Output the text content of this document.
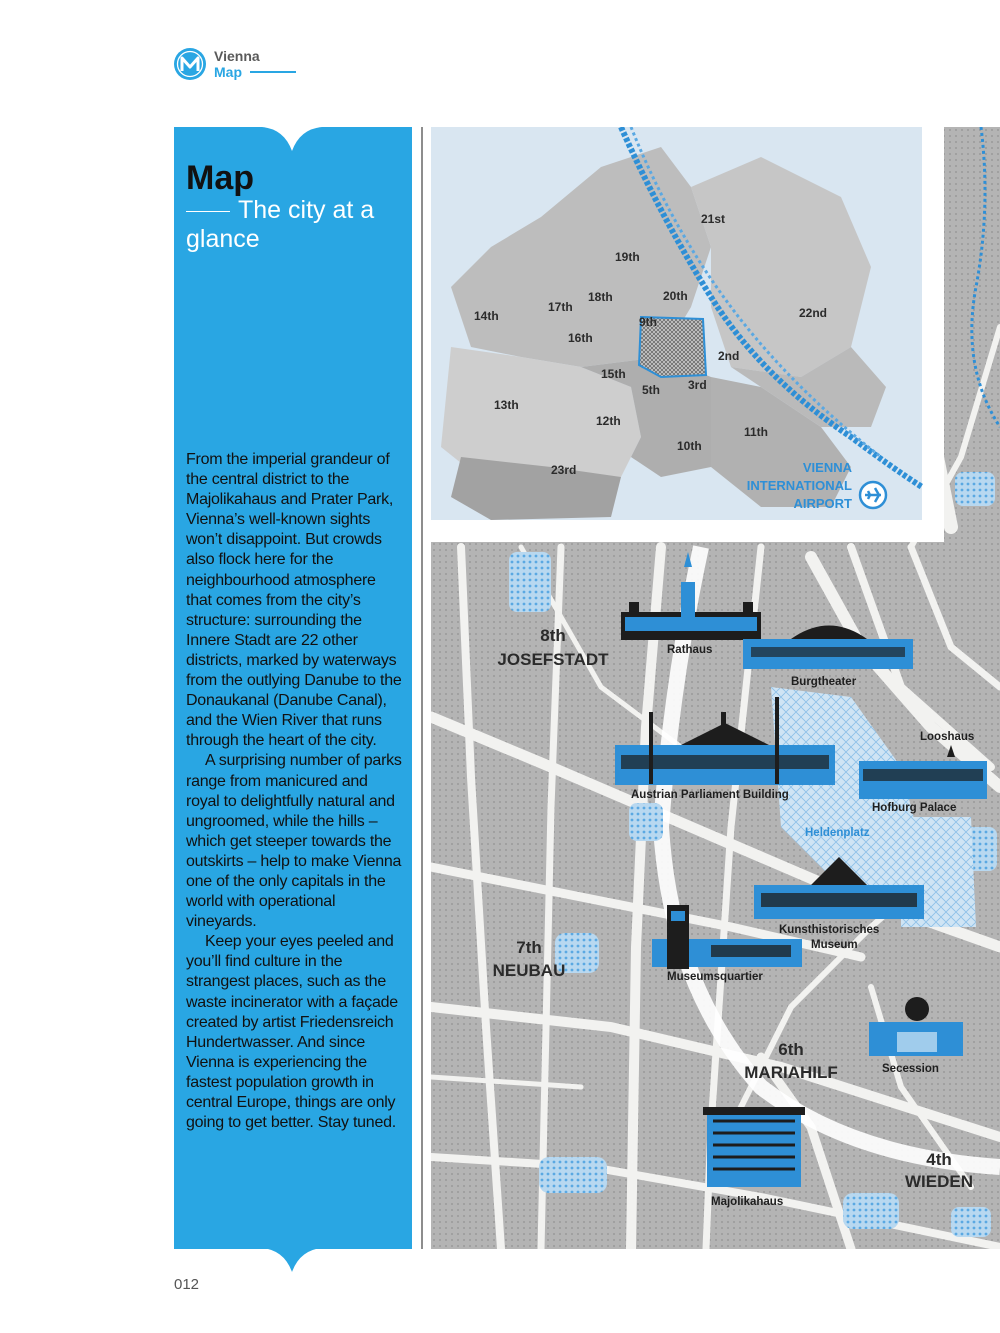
Vienna
Map
Map
The city at a glance

From the imperial grandeur of the central district to the Majolikahaus and Prater Park, Vienna’s well-known sights won’t disappoint. But crowds also flock here for the neighbourhood atmosphere that comes from the city’s structure: surrounding the Innere Stadt are 22 other districts, marked by waterways from the outlying Danube to the Donaukanal (Danube Canal), and the Wien River that runs through the heart of the city.

A surprising number of parks range from manicured and royal to delightfully natural and ungroomed, while the hills – which get steeper towards the outskirts – help to make Vienna one of the only capitals in the world with operational vineyards.

Keep your eyes peeled and you’ll find culture in the strangest places, such as the waste incinerator with a façade created by artist Friedensreich Hundertwasser. And since Vienna is experiencing the fastest population growth in central Europe, things are only going to get better. Stay tuned.

012
21st
19th
18th	20th
17th
14th	9th
22nd
16th
2nd
15th
5th 3rd
13th
12th
11th
10th
23rd	VIENNA
INTERNATIONAL
AIRPORT
Rathaus
Burgtheater
Looshaus
Austrian Parliament Building
Hofburg Palace
Heldenplatz
Kunsthistorisches
Museum
Museumsquartier
Secession
Majolikahaus
8th
JOSEFSTADT
7th
NEUBAU
6th
MARIAHILF
4th
WIEDEN
